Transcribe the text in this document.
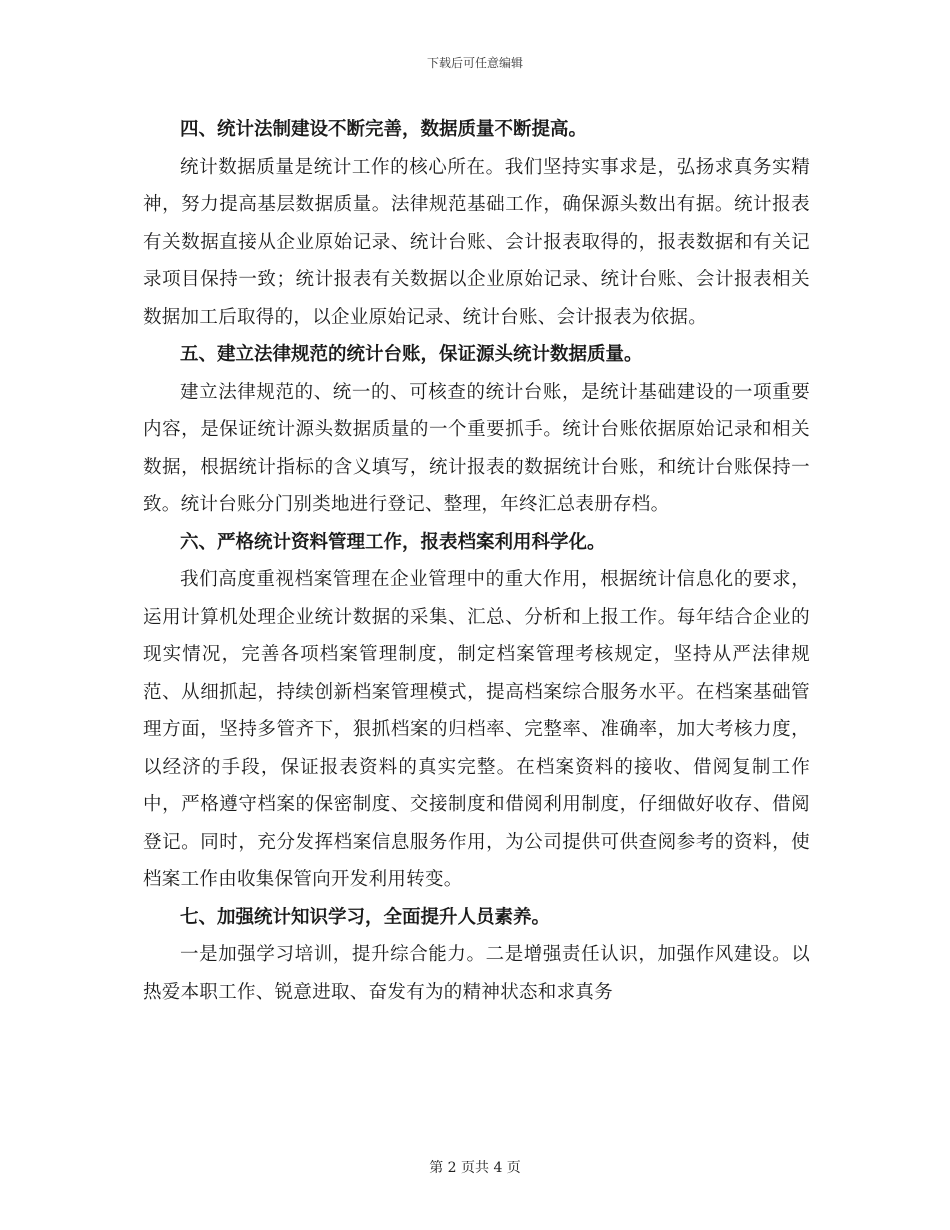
下载后可任意编辑

四、统计法制建设不断完善，数据质量不断提高。

统计数据质量是统计工作的核心所在。我们坚持实事求是，弘扬求真务实精神，努力提高基层数据质量。法律规范基础工作，确保源头数出有据。统计报表有关数据直接从企业原始记录、统计台账、会计报表取得的，报表数据和有关记录项目保持一致；统计报表有关数据以企业原始记录、统计台账、会计报表相关数据加工后取得的，以企业原始记录、统计台账、会计报表为依据。

五、建立法律规范的统计台账，保证源头统计数据质量。

建立法律规范的、统一的、可核查的统计台账，是统计基础建设的一项重要内容，是保证统计源头数据质量的一个重要抓手。统计台账依据原始记录和相关数据，根据统计指标的含义填写，统计报表的数据统计台账，和统计台账保持一致。统计台账分门别类地进行登记、整理，年终汇总表册存档。

六、严格统计资料管理工作，报表档案利用科学化。

我们高度重视档案管理在企业管理中的重大作用，根据统计信息化的要求，运用计算机处理企业统计数据的采集、汇总、分析和上报工作。每年结合企业的现实情况，完善各项档案管理制度，制定档案管理考核规定，坚持从严法律规范、从细抓起，持续创新档案管理模式，提高档案综合服务水平。在档案基础管理方面，坚持多管齐下，狠抓档案的归档率、完整率、准确率，加大考核力度，以经济的手段，保证报表资料的真实完整。在档案资料的接收、借阅复制工作中，严格遵守档案的保密制度、交接制度和借阅利用制度，仔细做好收存、借阅登记。同时，充分发挥档案信息服务作用，为公司提供可供查阅参考的资料，使档案工作由收集保管向开发利用转变。

七、加强统计知识学习，全面提升人员素养。

一是加强学习培训，提升综合能力。二是增强责任认识，加强作风建设。以热爱本职工作、锐意进取、奋发有为的精神状态和求真务

第 2 页共 4 页
